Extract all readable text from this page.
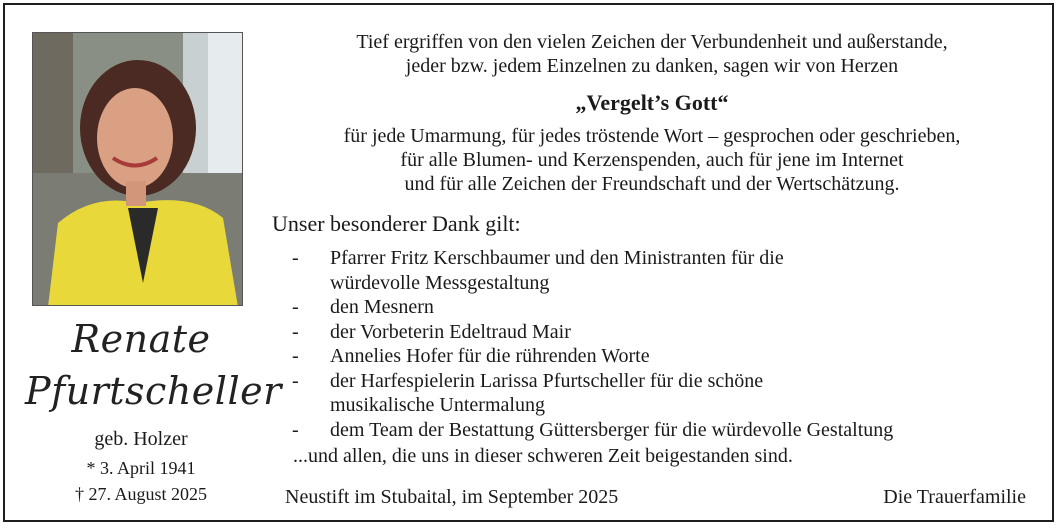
Renate
Pfurtscheller
geb. Holzer
* 3. April 1941
† 27. August 2025
Tief ergriffen von den vielen Zeichen der Verbundenheit und außerstande,
jeder bzw. jedem Einzelnen zu danken, sagen wir von Herzen
„Vergelt’s Gott“
für jede Umarmung, für jedes tröstende Wort – gesprochen oder geschrieben,
für alle Blumen- und Kerzenspenden, auch für jene im Internet
und für alle Zeichen der Freundschaft und der Wertschätzung.
Unser besonderer Dank gilt:
-	Pfarrer Fritz Kerschbaumer und den Ministranten für die
würdevolle Messgestaltung
-	den Mesnern
-	der Vorbeterin Edeltraud Mair
-	Annelies Hofer für die rührenden Worte
-	der Harfespielerin Larissa Pfurtscheller für die schöne
musikalische Untermalung
-	dem Team der Bestattung Güttersberger für die würdevolle Gestaltung
...und allen, die uns in dieser schweren Zeit beigestanden sind.
Neustift im Stubaital, im September 2025	Die Trauerfamilie
